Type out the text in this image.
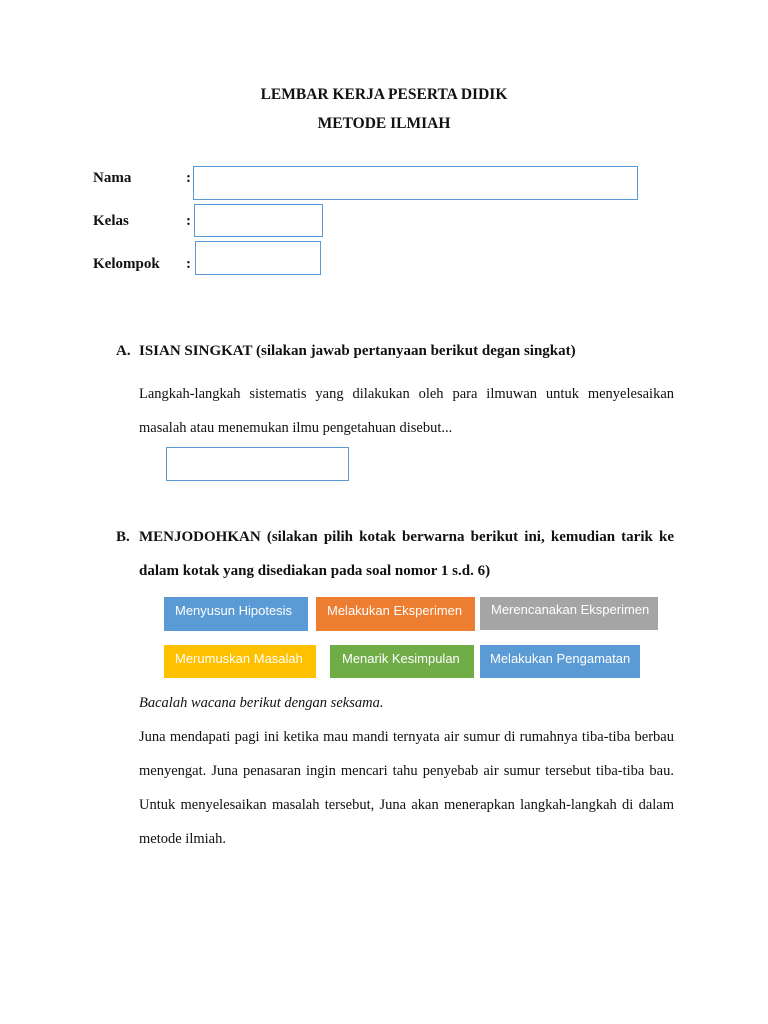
LEMBAR KERJA PESERTA DIDIK
METODE ILMIAH
Nama	:
Kelas	:
Kelompok :
A. ISIAN SINGKAT (silakan jawab pertanyaan berikut degan singkat)
Langkah-langkah sistematis yang dilakukan oleh para ilmuwan untuk menyelesaikan masalah atau menemukan ilmu pengetahuan disebut...
B. MENJODOHKAN (silakan pilih kotak berwarna berikut ini, kemudian tarik ke dalam kotak yang disediakan pada soal nomor 1 s.d. 6)
Menyusun Hipotesis	Melakukan Eksperimen	Merencanakan Eksperimen
Merumuskan Masalah	Menarik Kesimpulan	Melakukan Pengamatan
Bacalah wacana berikut dengan seksama.
Juna mendapati pagi ini ketika mau mandi ternyata air sumur di rumahnya tiba-tiba berbau menyengat. Juna penasaran ingin mencari tahu penyebab air sumur tersebut tiba-tiba bau. Untuk menyelesaikan masalah tersebut, Juna akan menerapkan langkah-langkah di dalam metode ilmiah.
